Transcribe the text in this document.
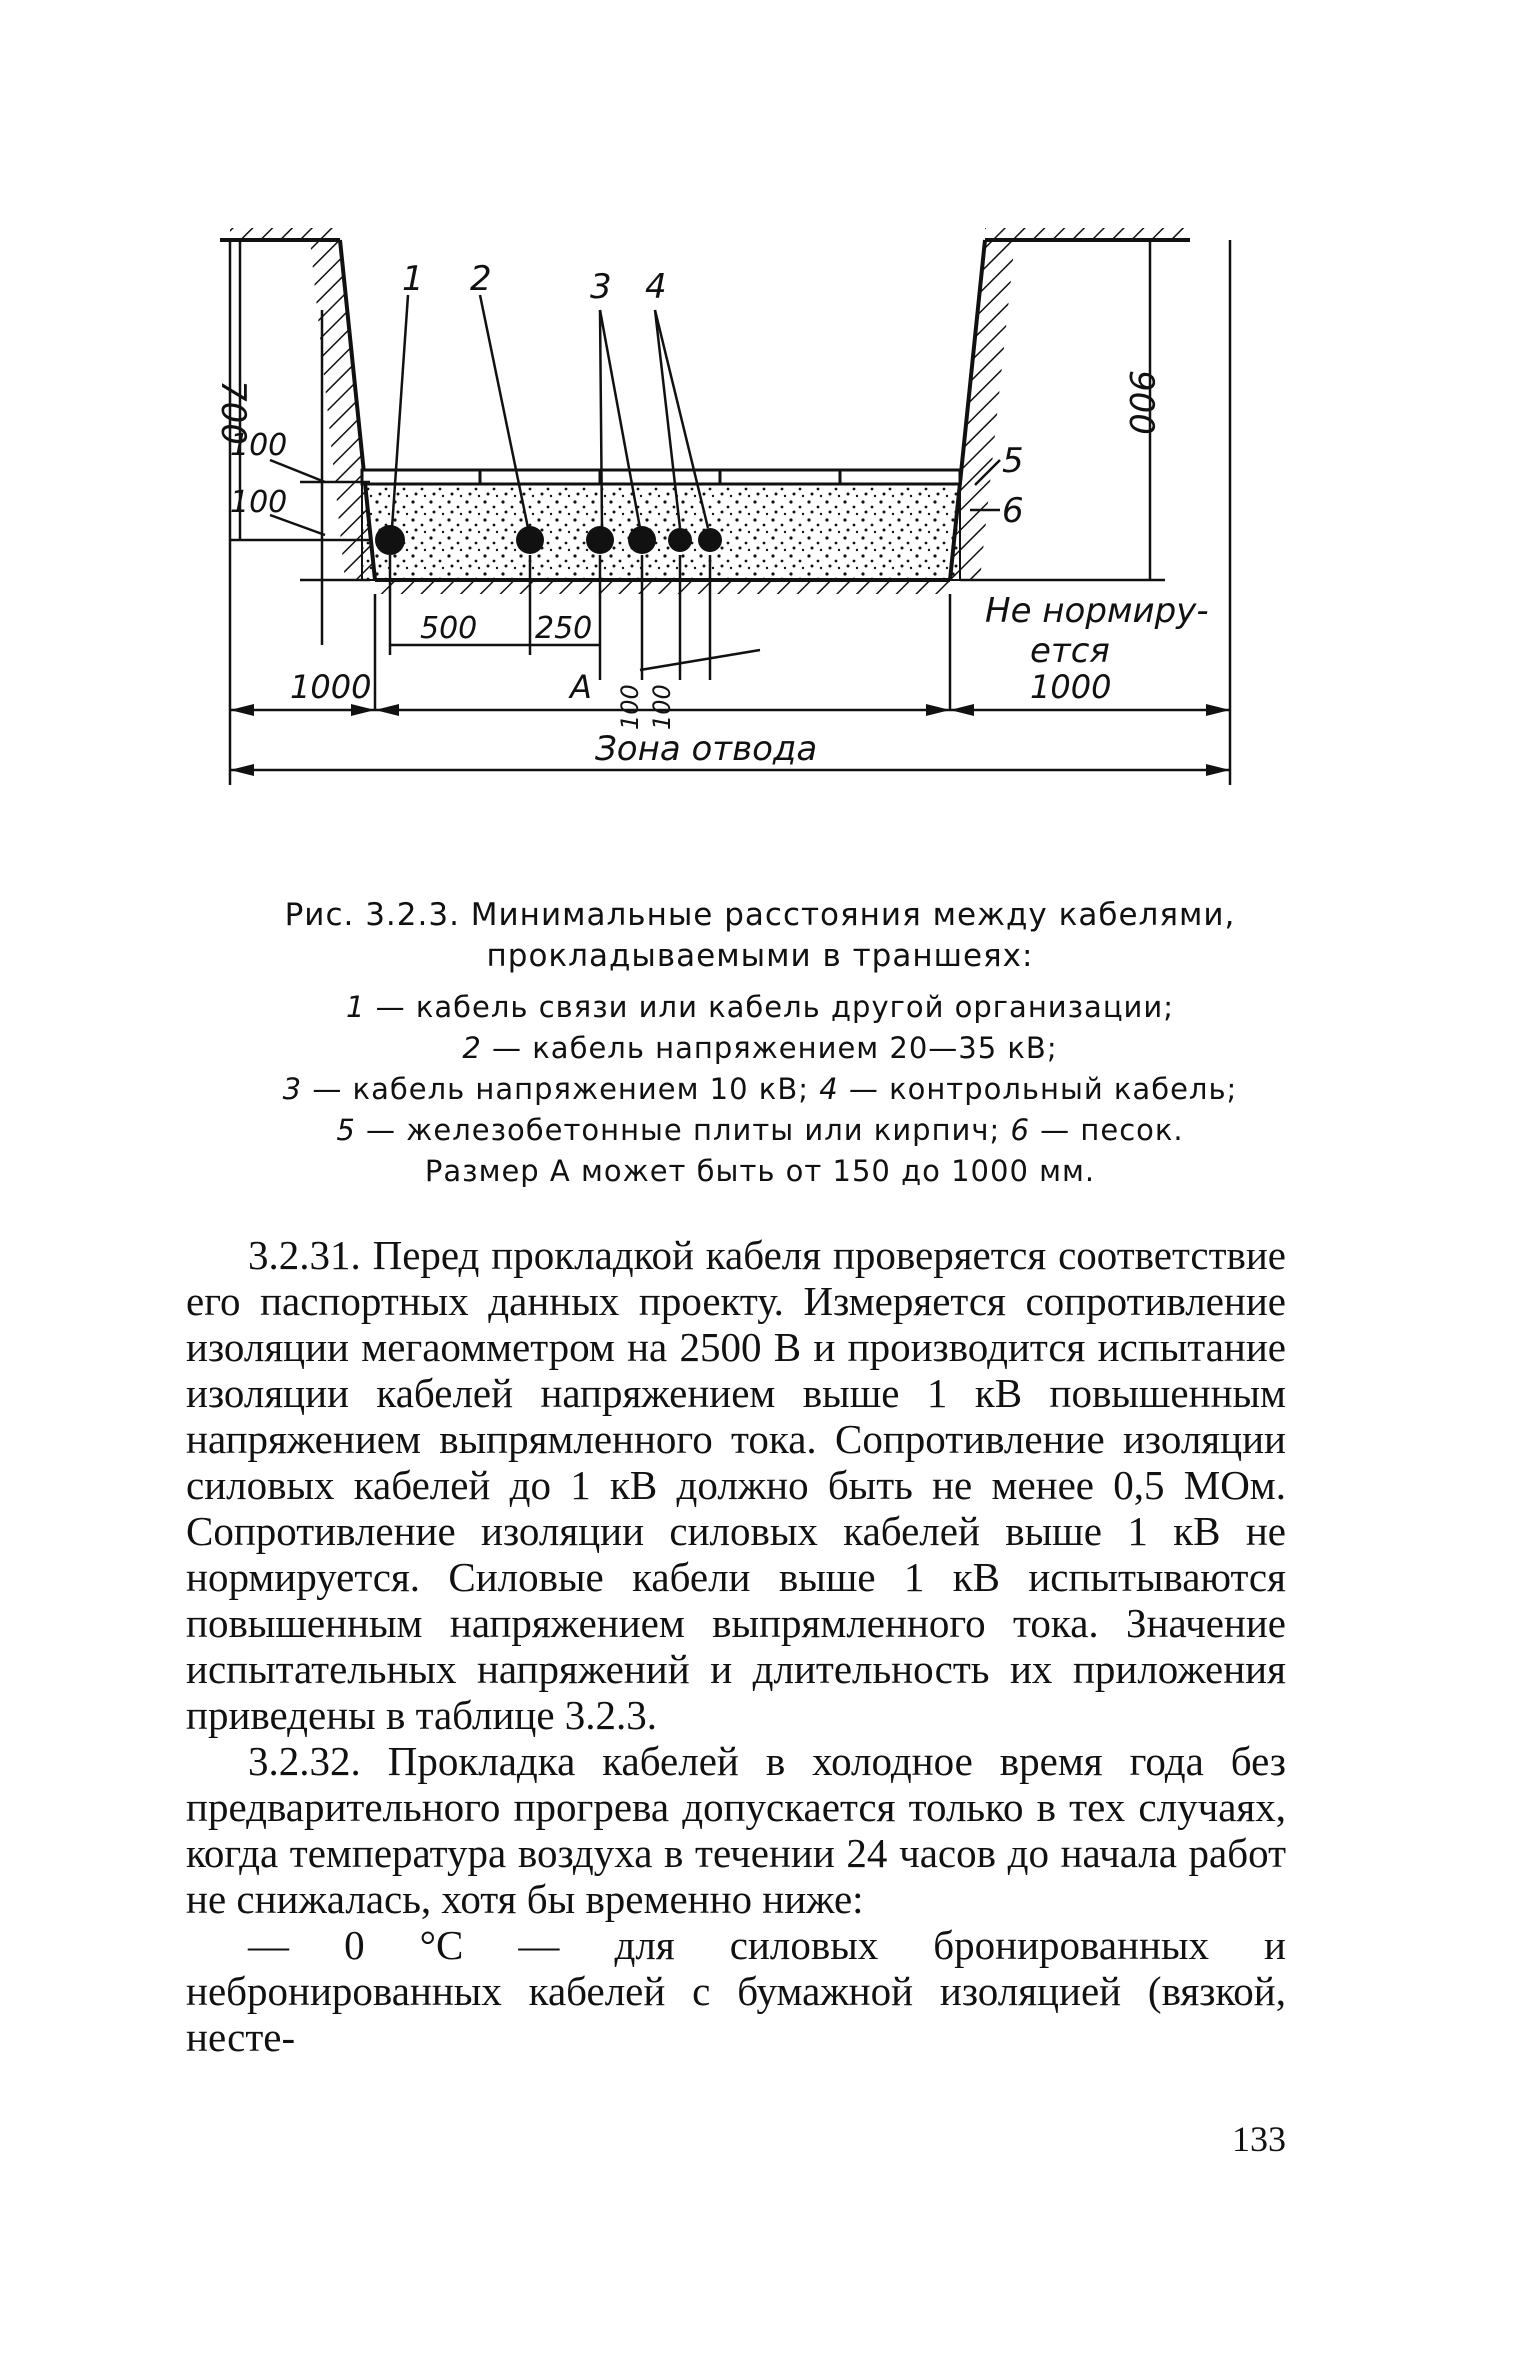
1 2	3 4
5
6
700
100
100
900
Не нормиру-
ется
500 250
100 100
1000	A	1000
Зона отвода
Рис. 3.2.3. Минимальные расстояния между кабелями,
прокладываемыми в траншеях:
1 — кабель связи или кабель другой организации;
2 — кабель напряжением 20—35 кВ;
3 — кабель напряжением 10 кВ; 4 — контрольный кабель;
5 — железобетонные плиты или кирпич; 6 — песок.
Размер А может быть от 150 до 1000 мм.

3.2.31. Перед прокладкой кабеля проверяется соответствие его паспортных данных проекту. Измеряется сопротивление изоляции мегаомметром на 2500 В и производится испытание изоляции кабелей напряжением выше 1 кВ повышенным напряжением выпрямленного тока. Сопротивление изоляции силовых кабелей до 1 кВ должно быть не менее 0,5 МОм. Сопротивление изоляции силовых кабелей выше 1 кВ не нормируется. Силовые кабели выше 1 кВ испытываются повышенным напряжением выпрямленного тока. Значение испытательных напряжений и длительность их приложения приведены в таблице 3.2.3.

3.2.32. Прокладка кабелей в холодное время года без предварительного прогрева допускается только в тех случаях, когда температура воздуха в течении 24 часов до начала работ не снижалась, хотя бы временно ниже:

— 0 °С — для силовых бронированных и небронированных кабелей с бумажной изоляцией (вязкой, несте-

133
